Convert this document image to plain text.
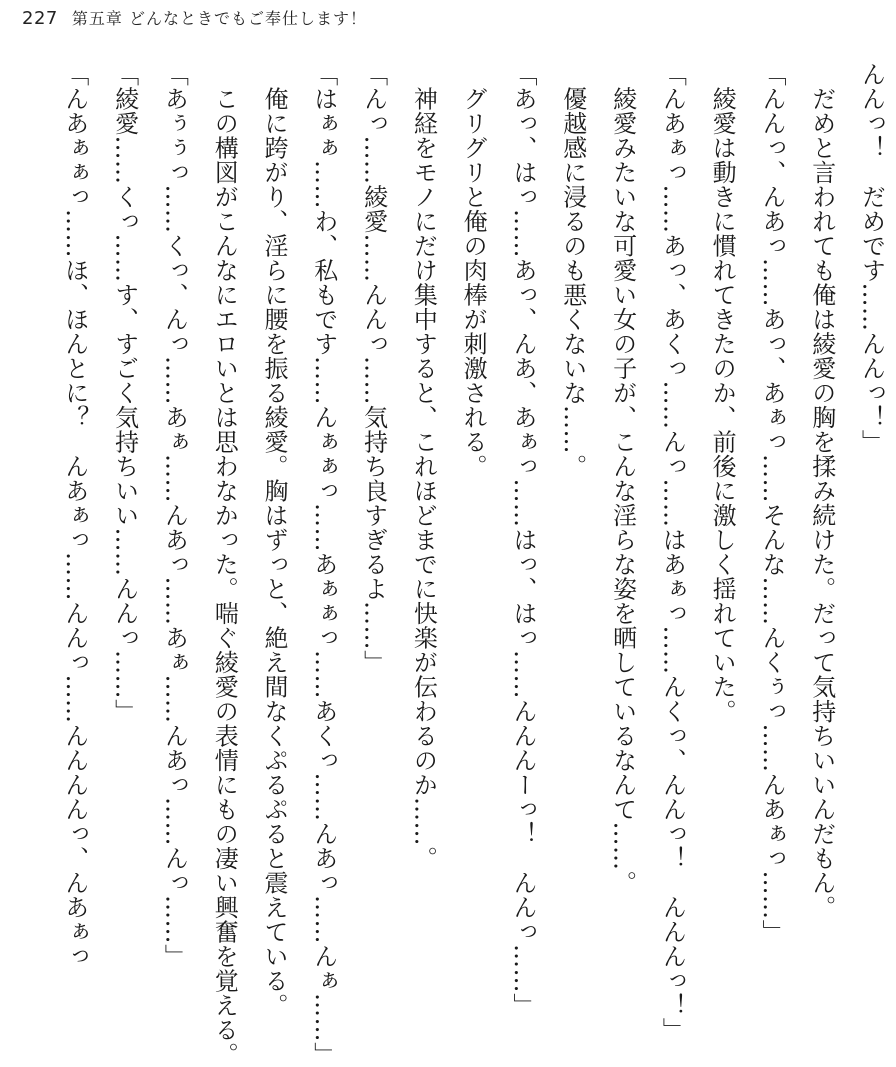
227 第五章 どんなときでもご奉仕します！

んんっ！　だめです……んんっ！」

　だめと言われても俺は綾愛の胸を揉み続けた。だって気持ちいいんだもん。

「んんっ、んあっ……あっ、あぁっ……そんな……んくぅっ……んあぁっ……」

　綾愛は動きに慣れてきたのか、前後に激しく揺れていた。

「んあぁっ……あっ、あくっ……んっ……はあぁっ……んくっ、んんっ！　んんんっ！」

　綾愛みたいな可愛い女の子が、こんな淫らな姿を晒しているなんて……。

　優越感に浸るのも悪くないな……。

「あっ、はっ……あっ、んあ、あぁっ……はっ、はっ……んんんーっ！　んんっ……」

　グリグリと俺の肉棒が刺激される。

　神経をモノにだけ集中すると、これほどまでに快楽が伝わるのか……。

「んっ……綾愛……んんっ……気持ち良すぎるよ……」

「はぁぁ……わ、私もです……んぁぁっ……あぁぁっ……あくっ……んあっ……んぁ……」

　俺に跨がり、淫らに腰を振る綾愛。胸はずっと、絶え間なくぷるぷると震えている。

　この構図がこんなにエロいとは思わなかった。喘ぐ綾愛の表情にもの凄い興奮を覚える。

「あぅぅっ……くっ、んっ……あぁ……んあっ……あぁ……んあっ……んっ……」

「綾愛……くっ……す、すごく気持ちいい……んんっ……」

「んあぁぁっ……ほ、ほんとに？　んあぁっ……んんっ……んんんんっ、んあぁっ
